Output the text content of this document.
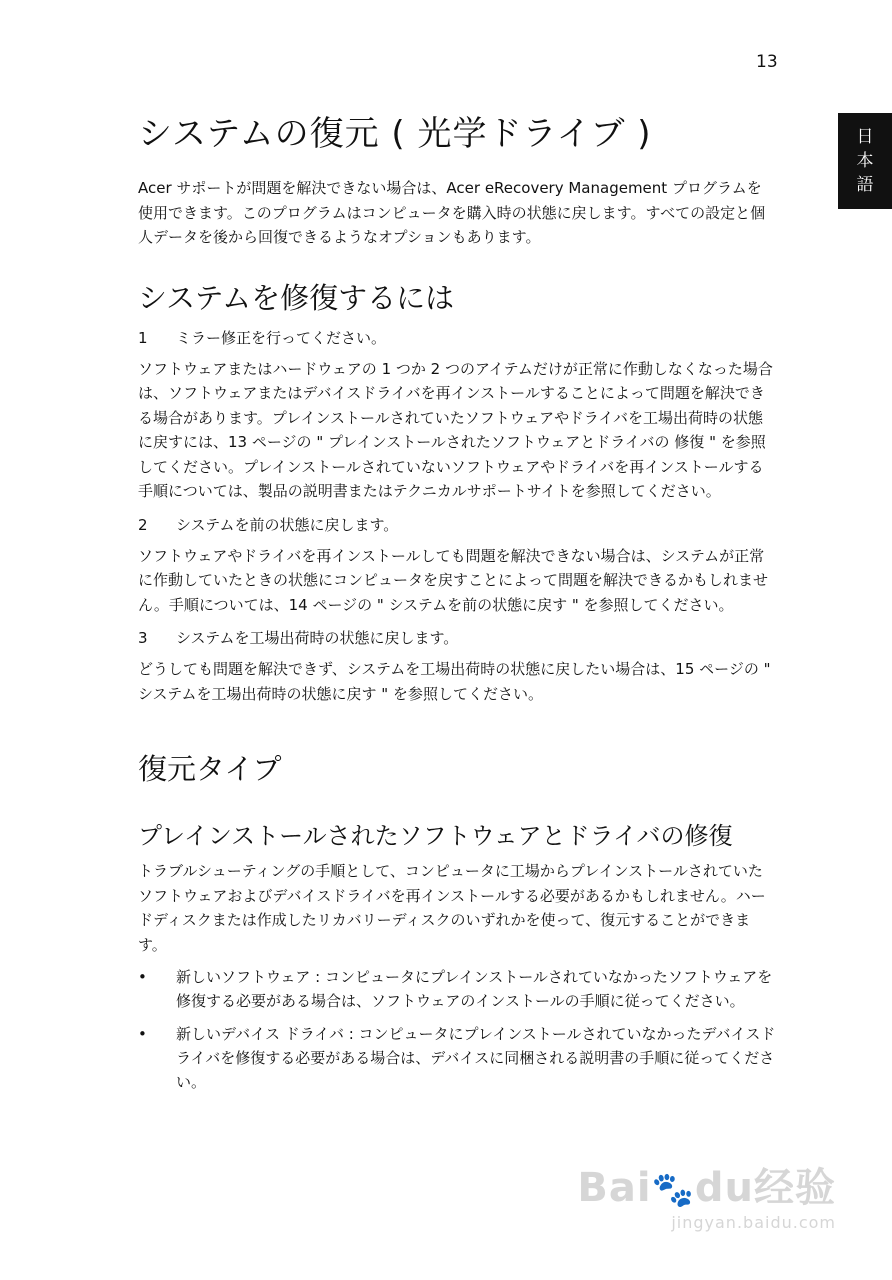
13
日
本
語
システムの復元 ( 光学ドライブ )

Acer サポートが問題を解決できない場合は、Acer eRecovery Management プログラムを使用できます。このプログラムはコンピュータを購入時の状態に戻します。すべての設定と個人データを後から回復できるようなオプションもあります。

システムを修復するには
1	ミラー修正を行ってください。

ソフトウェアまたはハードウェアの 1 つか 2 つのアイテムだけが正常に作動しなくなった場合は、ソフトウェアまたはデバイスドライバを再インストールすることによって問題を解決できる場合があります。プレインストールされていたソフトウェアやドライバを工場出荷時の状態に戻すには、13 ページの " プレインストールされたソフトウェアとドライバの 修復 " を参照してください。プレインストールされていないソフトウェアやドライバを再インストールする手順については、製品の説明書またはテクニカルサポートサイトを参照してください。

2	システムを前の状態に戻します。

ソフトウェアやドライバを再インストールしても問題を解決できない場合は、システムが正常に作動していたときの状態にコンピュータを戻すことによって問題を解決できるかもしれません。手順については、14 ページの " システムを前の状態に戻す " を参照してください。

3	システムを工場出荷時の状態に戻します。

どうしても問題を解決できず、システムを工場出荷時の状態に戻したい場合は、15 ページの " システムを工場出荷時の状態に戻す " を参照してください。

復元タイプ
プレインストールされたソフトウェアとドライバの修復

トラブルシューティングの手順として、コンピュータに工場からプレインストールされていたソフトウェアおよびデバイスドライバを再インストールする必要があるかもしれません。ハードディスクまたは作成したリカバリーディスクのいずれかを使って、復元することができます。

•	新しいソフトウェア : コンピュータにプレインストールされていなかったソフトウェアを修復する必要がある場合は、ソフトウェアのインストールの手順に従ってください。
•	新しいデバイス ドライバ : コンピュータにプレインストールされていなかったデバイスドライバを修復する必要がある場合は、デバイスに同梱される説明書の手順に従ってください。
Bai🐾du经验
jingyan.baidu.com
